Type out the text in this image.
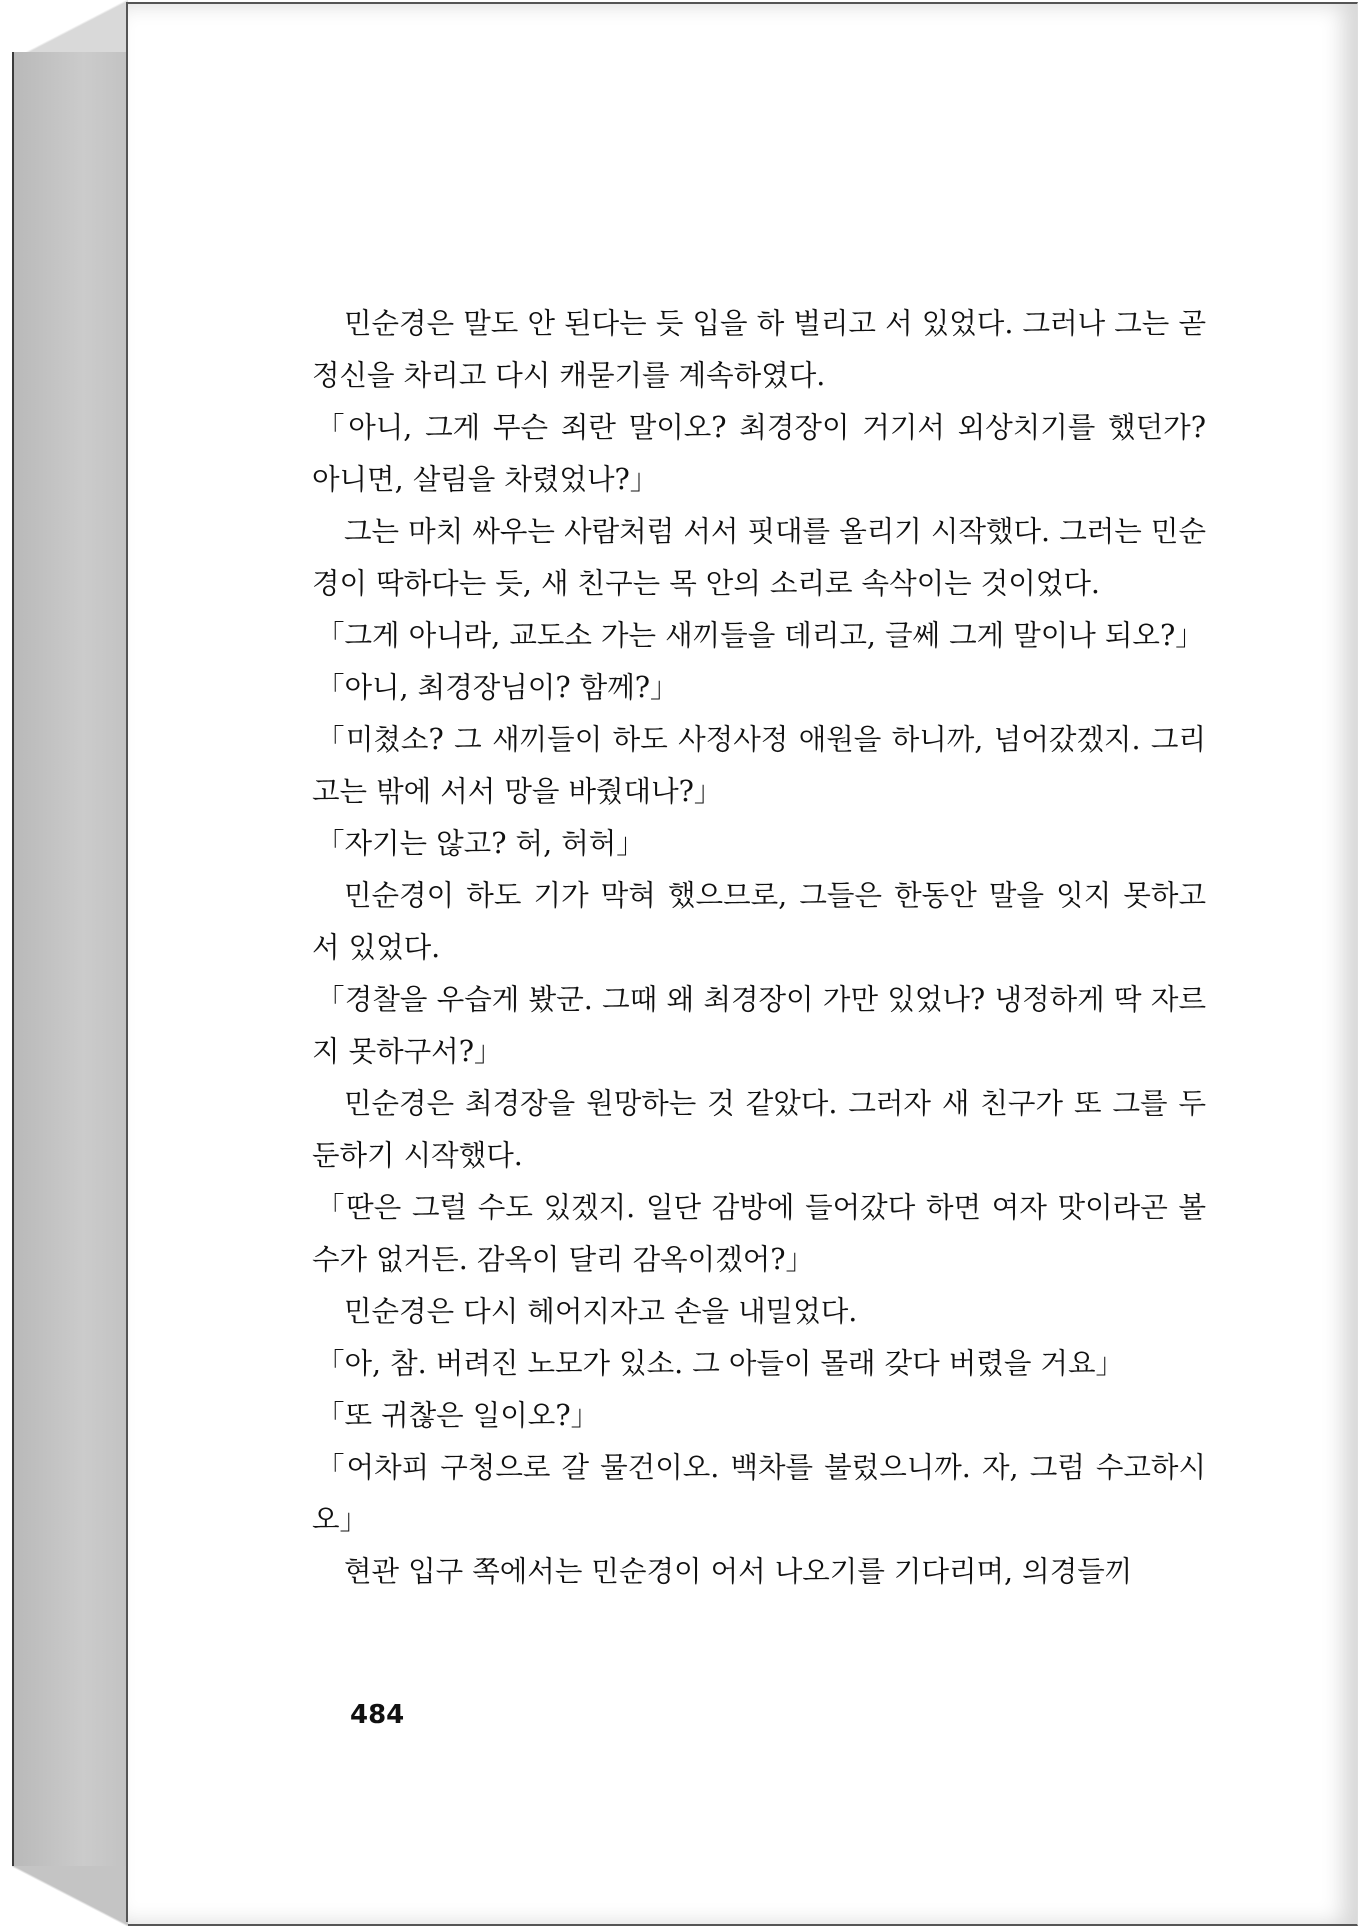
민순경은 말도 안 된다는 듯 입을 하 벌리고 서 있었다. 그러나 그는 곧 정신을 차리고 다시 캐묻기를 계속하였다.

「아니, 그게 무슨 죄란 말이오? 최경장이 거기서 외상치기를 했던가? 아니면, 살림을 차렸었나?」

그는 마치 싸우는 사람처럼 서서 핏대를 올리기 시작했다. 그러는 민순경이 딱하다는 듯, 새 친구는 목 안의 소리로 속삭이는 것이었다.

「그게 아니라, 교도소 가는 새끼들을 데리고, 글쎄 그게 말이나 되오?」

「아니, 최경장님이? 함께?」

「미쳤소? 그 새끼들이 하도 사정사정 애원을 하니까, 넘어갔겠지. 그리고는 밖에 서서 망을 바줬대나?」

「자기는 않고? 허, 허허」

민순경이 하도 기가 막혀 했으므로, 그들은 한동안 말을 잇지 못하고 서 있었다.

「경찰을 우습게 봤군. 그때 왜 최경장이 가만 있었나? 냉정하게 딱 자르지 못하구서?」

민순경은 최경장을 원망하는 것 같았다. 그러자 새 친구가 또 그를 두둔하기 시작했다.

「딴은 그럴 수도 있겠지. 일단 감방에 들어갔다 하면 여자 맛이라곤 볼 수가 없거든. 감옥이 달리 감옥이겠어?」

민순경은 다시 헤어지자고 손을 내밀었다.

「아, 참. 버려진 노모가 있소. 그 아들이 몰래 갖다 버렸을 거요」

「또 귀찮은 일이오?」

「어차피 구청으로 갈 물건이오. 백차를 불렀으니까. 자, 그럼 수고하시오」

현관 입구 쪽에서는 민순경이 어서 나오기를 기다리며, 의경들끼

484
